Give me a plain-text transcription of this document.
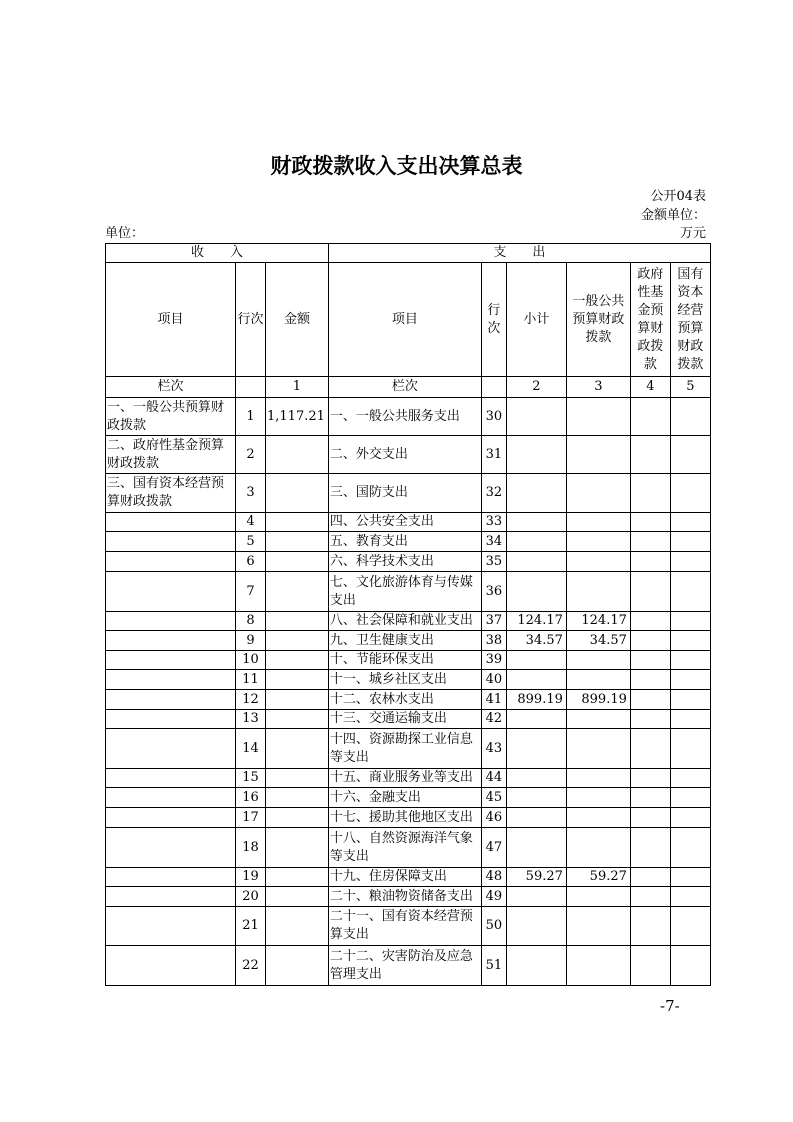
财政拨款收入支出决算总表
公开04表
金额单位：
万元
单位：
收　　入			支　　出					
项目	行次	金额	项目	行次	小计	一般公共预算财政拨款	政府性基金预算财政拨款	国有资本经营预算财政拨款
栏次		1	栏次		2	3	4	5
一、一般公共预算财政拨款	1	1,117.21	一、一般公共服务支出	30				
二、政府性基金预算财政拨款	2		二、外交支出	31				
三、国有资本经营预算财政拨款	3		三、国防支出	32				
	4		四、公共安全支出	33				
	5		五、教育支出	34				
	6		六、科学技术支出	35				
	7		七、文化旅游体育与传媒支出	36				
	8		八、社会保障和就业支出	37	124.17	124.17		
	9		九、卫生健康支出	38	34.57	34.57		
	10		十、节能环保支出	39				
	11		十一、城乡社区支出	40				
	12		十二、农林水支出	41	899.19	899.19		
	13		十三、交通运输支出	42				
	14		十四、资源勘探工业信息等支出	43				
	15		十五、商业服务业等支出	44				
	16		十六、金融支出	45				
	17		十七、援助其他地区支出	46				
	18		十八、自然资源海洋气象等支出	47				
	19		十九、住房保障支出	48	59.27	59.27		
	20		二十、粮油物资储备支出	49				
	21		二十一、国有资本经营预算支出	50				
	22		二十二、灾害防治及应急管理支出	51				
-7-
